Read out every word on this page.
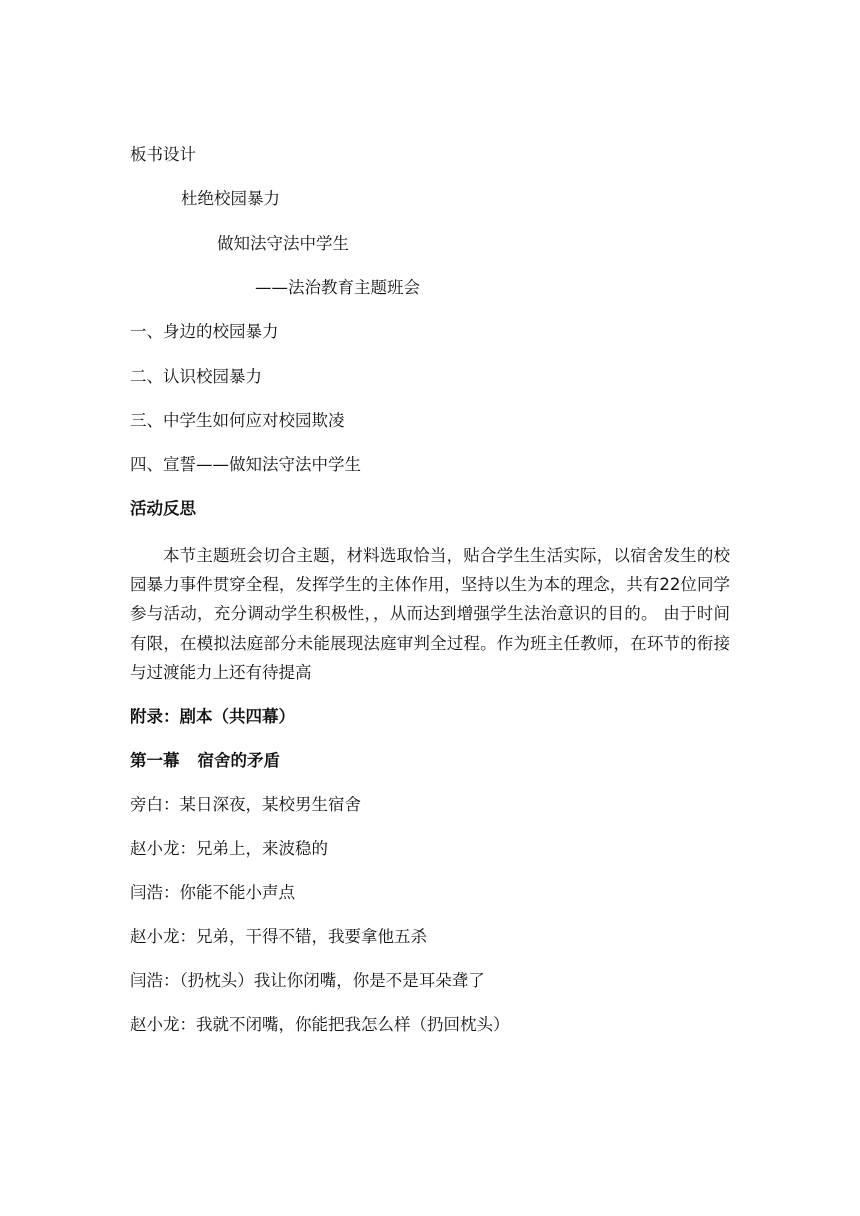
板书设计
杜绝校园暴力
做知法守法中学生
——法治教育主题班会
一、身边的校园暴力
二、认识校园暴力
三、中学生如何应对校园欺凌
四、宣誓——做知法守法中学生
活动反思
本节主题班会切合主题，材料选取恰当，贴合学生生活实际，以宿舍发生的校园暴力事件贯穿全程，发挥学生的主体作用，坚持以生为本的理念，共有22位同学参与活动，充分调动学生积极性，，从而达到增强学生法治意识的目的。 由于时间有限，在模拟法庭部分未能展现法庭审判全过程。作为班主任教师，在环节的衔接与过渡能力上还有待提高
附录：剧本（共四幕）
第一幕 宿舍的矛盾
旁白：某日深夜，某校男生宿舍
赵小龙：兄弟上，来波稳的
闫浩：你能不能小声点
赵小龙：兄弟，干得不错，我要拿他五杀
闫浩：（扔枕头）我让你闭嘴，你是不是耳朵聋了
赵小龙：我就不闭嘴，你能把我怎么样（扔回枕头）
